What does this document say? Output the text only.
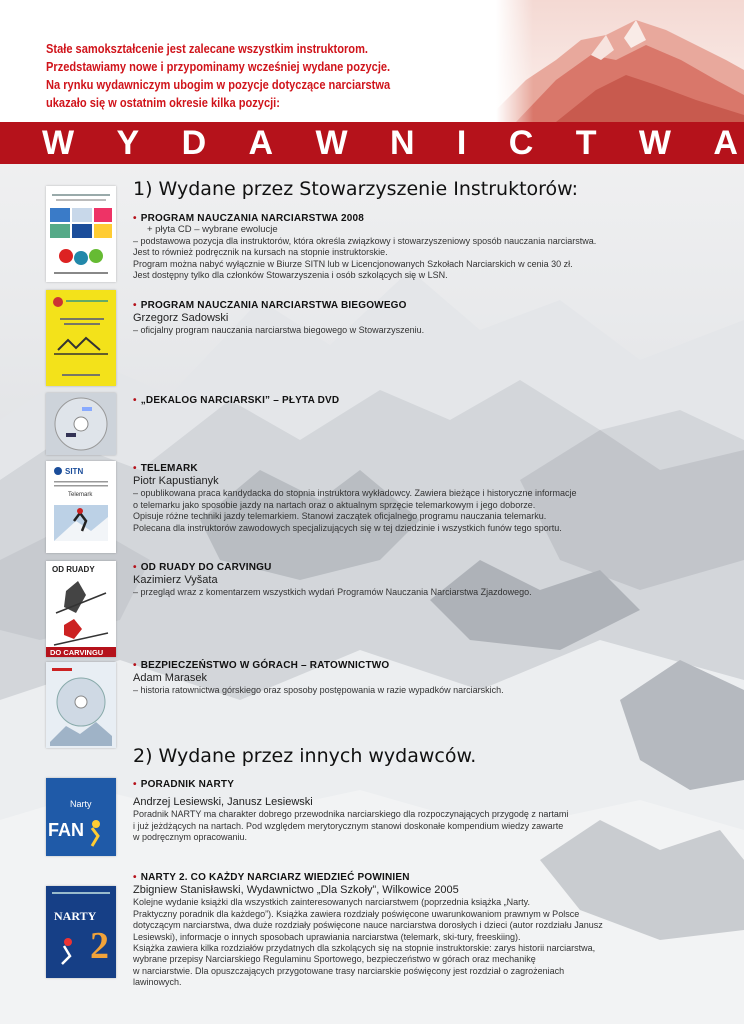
Stałe samokształcenie jest zalecane wszystkim instruktorom.
Przedstawiamy nowe i przypominamy wcześniej wydane pozycje.
Na rynku wydawniczym ubogim w pozycje dotyczące narciarstwa
ukazało się w ostatnim okresie kilka pozycji:
W Y D A W N I C T W A
1) Wydane przez Stowarzyszenie Instruktorów:
• PROGRAM NAUCZANIA NARCIARSTWA 2008
+ płyta CD – wybrane ewolucje
– podstawowa pozycja dla instruktorów, która określa związkowy i stowarzyszeniowy sposób nauczania narciarstwa.
Jest to również podręcznik na kursach na stopnie instruktorskie.
Program można nabyć wyłącznie w Biurze SITN lub w Licencjonowanych Szkołach Narciarskich w cenia 30 zł.
Jest dostępny tylko dla członków Stowarzyszenia i osób szkolących się w LSN.
• PROGRAM NAUCZANIA NARCIARSTWA BIEGOWEGO
Grzegorz Sadowski
– oficjalny program nauczania narciarstwa biegowego w Stowarzyszeniu.
• „DEKALOG NARCIARSKI” – PŁYTA DVD
SITN
Telemark
• TELEMARK
Piotr Kapustianyk
– opublikowana praca kandydacka do stopnia instruktora wykładowcy. Zawiera bieżące i historyczne informacje
o telemarku jako sposobie jazdy na nartach oraz o aktualnym sprzęcie telemarkowym i jego doborze.
Opisuje różne techniki jazdy telemarkiem. Stanowi zaczątek oficjalnego programu nauczania telemarku.
Polecana dla instruktorów zawodowych specjalizujących się w tej dziedzinie i wszystkich funów tego sportu.
OD RUADY
DO CARVINGU
• OD RUADY DO CARVINGU
Kazimierz Vyšata
– przegląd wraz z komentarzem wszystkich wydań Programów Nauczania Narciarstwa Zjazdowego.
• BEZPIECZEŃSTWO W GÓRACH – RATOWNICTWO
Adam Marasek
– historia ratownictwa górskiego oraz sposoby postępowania w razie wypadków narciarskich.
2) Wydane przez innych wydawców.
Narty
FAN
• PORADNIK NARTY
Andrzej Lesiewski, Janusz Lesiewski
Poradnik NARTY ma charakter dobrego przewodnika narciarskiego dla rozpoczynających przygodę z nartami
i już jeżdżących na nartach. Pod względem merytorycznym stanowi doskonałe kompendium wiedzy zawarte
w podręcznym opracowaniu.
NARTY
2
• NARTY 2. CO KAŻDY NARCIARZ WIEDZIEĆ POWINIEN
Zbigniew Stanisławski, Wydawnictwo „Dla Szkoły”, Wilkowice 2005
Kolejne wydanie książki dla wszystkich zainteresowanych narciarstwem (poprzednia książka „Narty.
Praktyczny poradnik dla każdego”). Książka zawiera rozdziały poświęcone uwarunkowaniom prawnym w Polsce
dotyczącym narciarstwa, dwa duże rozdziały poświęcone nauce narciarstwa dorosłych i dzieci (autor rozdziału Janusz
Lesiewski), informacje o innych sposobach uprawiania narciarstwa (telemark, ski-tury, freeskiing).
Książka zawiera kilka rozdziałów przydatnych dla szkolących się na stopnie instruktorskie: zarys historii narciarstwa,
wybrane przepisy Narciarskiego Regulaminu Sportowego, bezpieczeństwo w górach oraz mechanikę
w narciarstwie. Dla opuszczających przygotowane trasy narciarskie poświęcony jest rozdział o zagrożeniach
lawinowych.
